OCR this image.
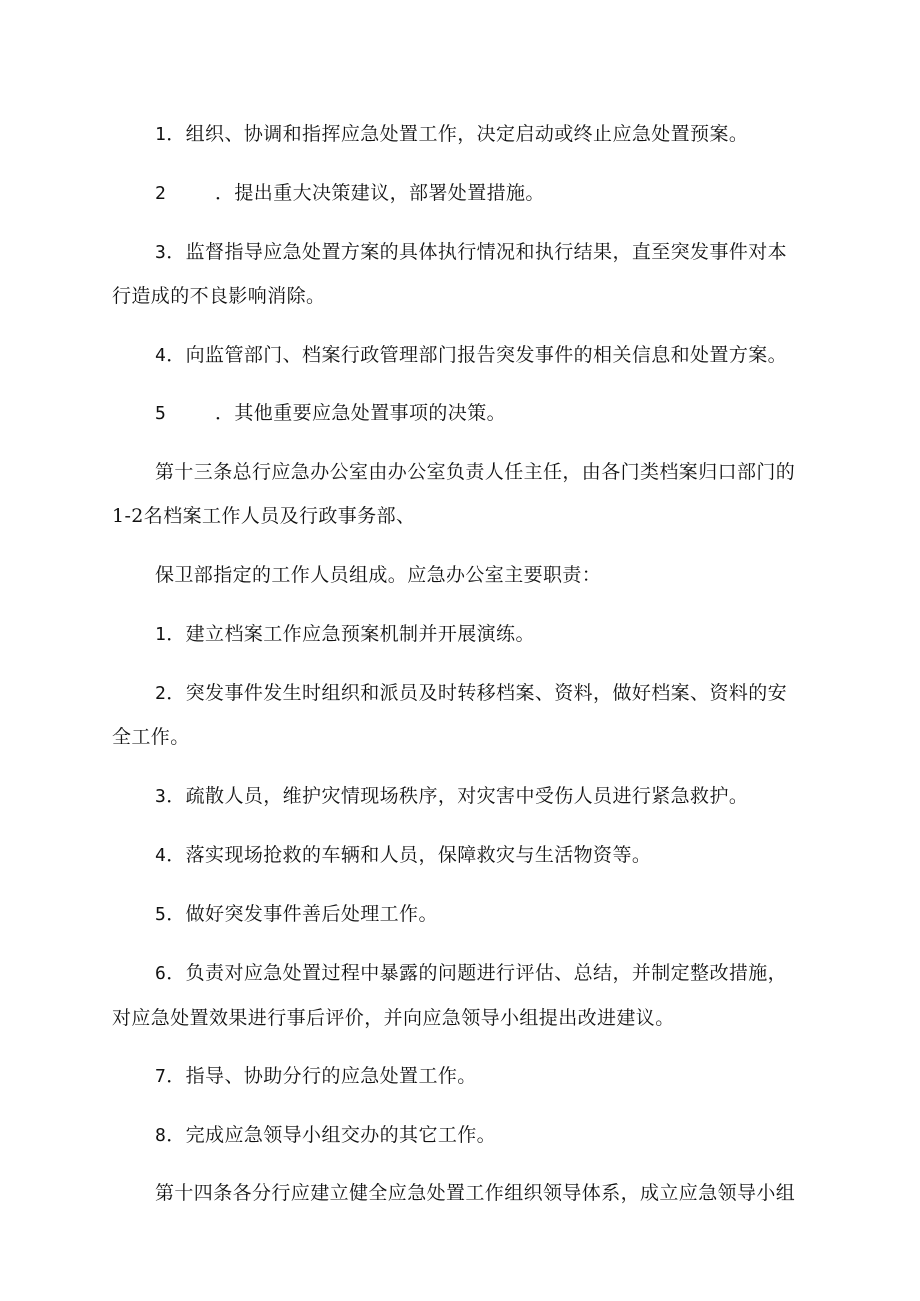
1．组织、协调和指挥应急处置工作，决定启动或终止应急处置预案。
2	．提出重大决策建议，部署处置措施。
3．监督指导应急处置方案的具体执行情况和执行结果，直至突发事件对本
行造成的不良影响消除。
4．向监管部门、档案行政管理部门报告突发事件的相关信息和处置方案。
5	．其他重要应急处置事项的决策。
第十三条总行应急办公室由办公室负责人任主任，由各门类档案归口部门的
1-2名档案工作人员及行政事务部、
保卫部指定的工作人员组成。应急办公室主要职责：
1．建立档案工作应急预案机制并开展演练。
2．突发事件发生时组织和派员及时转移档案、资料，做好档案、资料的安
全工作。
3．疏散人员，维护灾情现场秩序，对灾害中受伤人员进行紧急救护。
4．落实现场抢救的车辆和人员，保障救灾与生活物资等。
5．做好突发事件善后处理工作。
6．负责对应急处置过程中暴露的问题进行评估、总结，并制定整改措施，
对应急处置效果进行事后评价，并向应急领导小组提出改进建议。
7．指导、协助分行的应急处置工作。
8．完成应急领导小组交办的其它工作。
第十四条各分行应建立健全应急处置工作组织领导体系，成立应急领导小组
